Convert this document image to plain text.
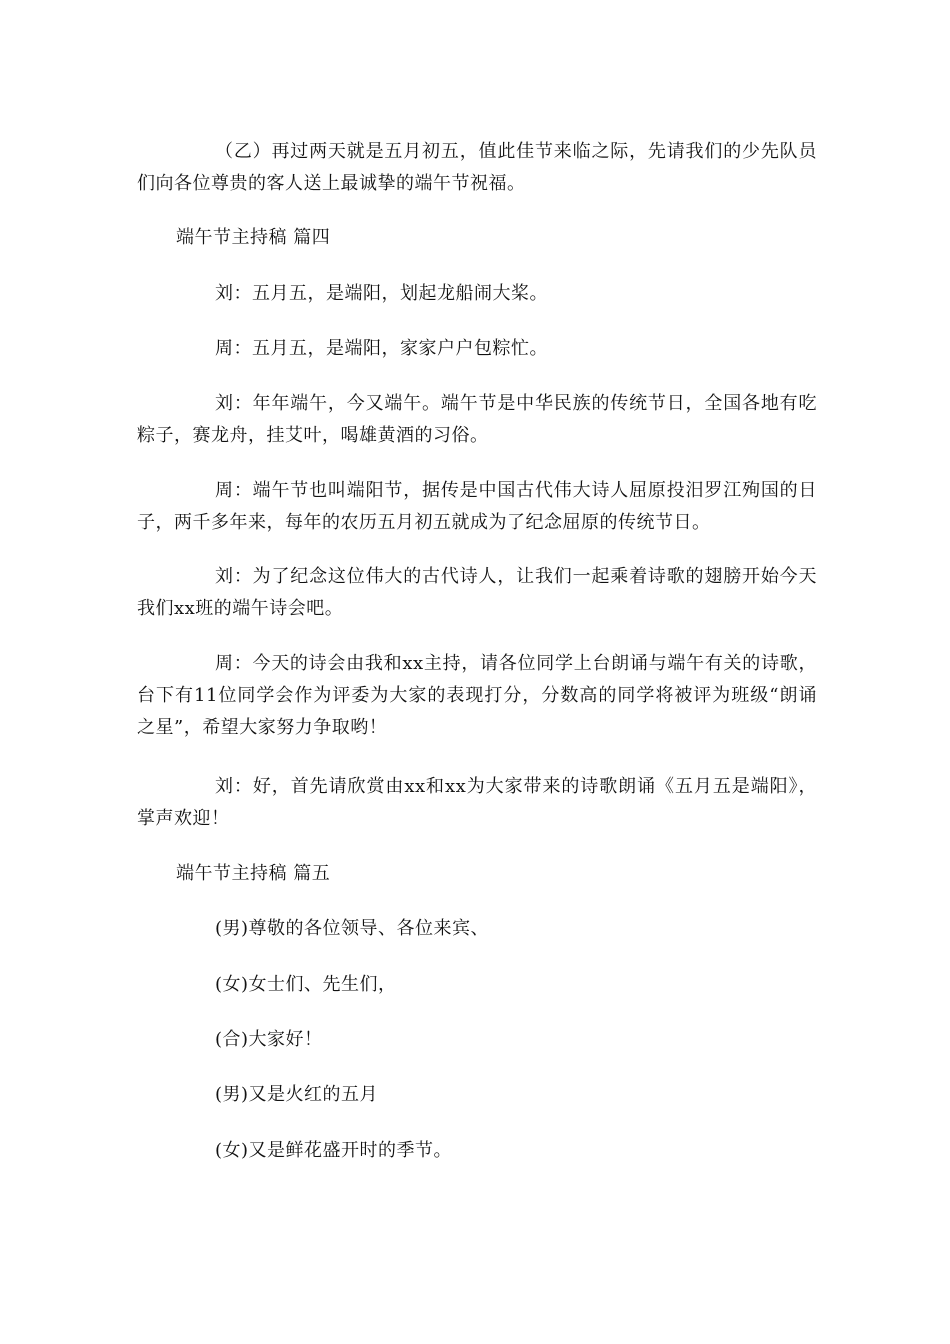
（乙）再过两天就是五月初五，值此佳节来临之际，先请我们的少先队员们向各位尊贵的客人送上最诚挚的端午节祝福。

端午节主持稿 篇四

刘：五月五，是端阳，划起龙船闹大桨。

周：五月五，是端阳，家家户户包粽忙。

刘：年年端午，今又端午。端午节是中华民族的传统节日，全国各地有吃粽子，赛龙舟，挂艾叶，喝雄黄酒的习俗。

周：端午节也叫端阳节，据传是中国古代伟大诗人屈原投汨罗江殉国的日子，两千多年来，每年的农历五月初五就成为了纪念屈原的传统节日。

刘：为了纪念这位伟大的古代诗人，让我们一起乘着诗歌的翅膀开始今天我们xx班的端午诗会吧。

周：今天的诗会由我和xx主持，请各位同学上台朗诵与端午有关的诗歌，台下有11位同学会作为评委为大家的表现打分，分数高的同学将被评为班级“朗诵之星”，希望大家努力争取哟！

刘：好，首先请欣赏由xx和xx为大家带来的诗歌朗诵《五月五是端阳》，掌声欢迎！

端午节主持稿 篇五

(男)尊敬的各位领导、各位来宾、

(女)女士们、先生们，

(合)大家好！

(男)又是火红的五月

(女)又是鲜花盛开时的季节。
